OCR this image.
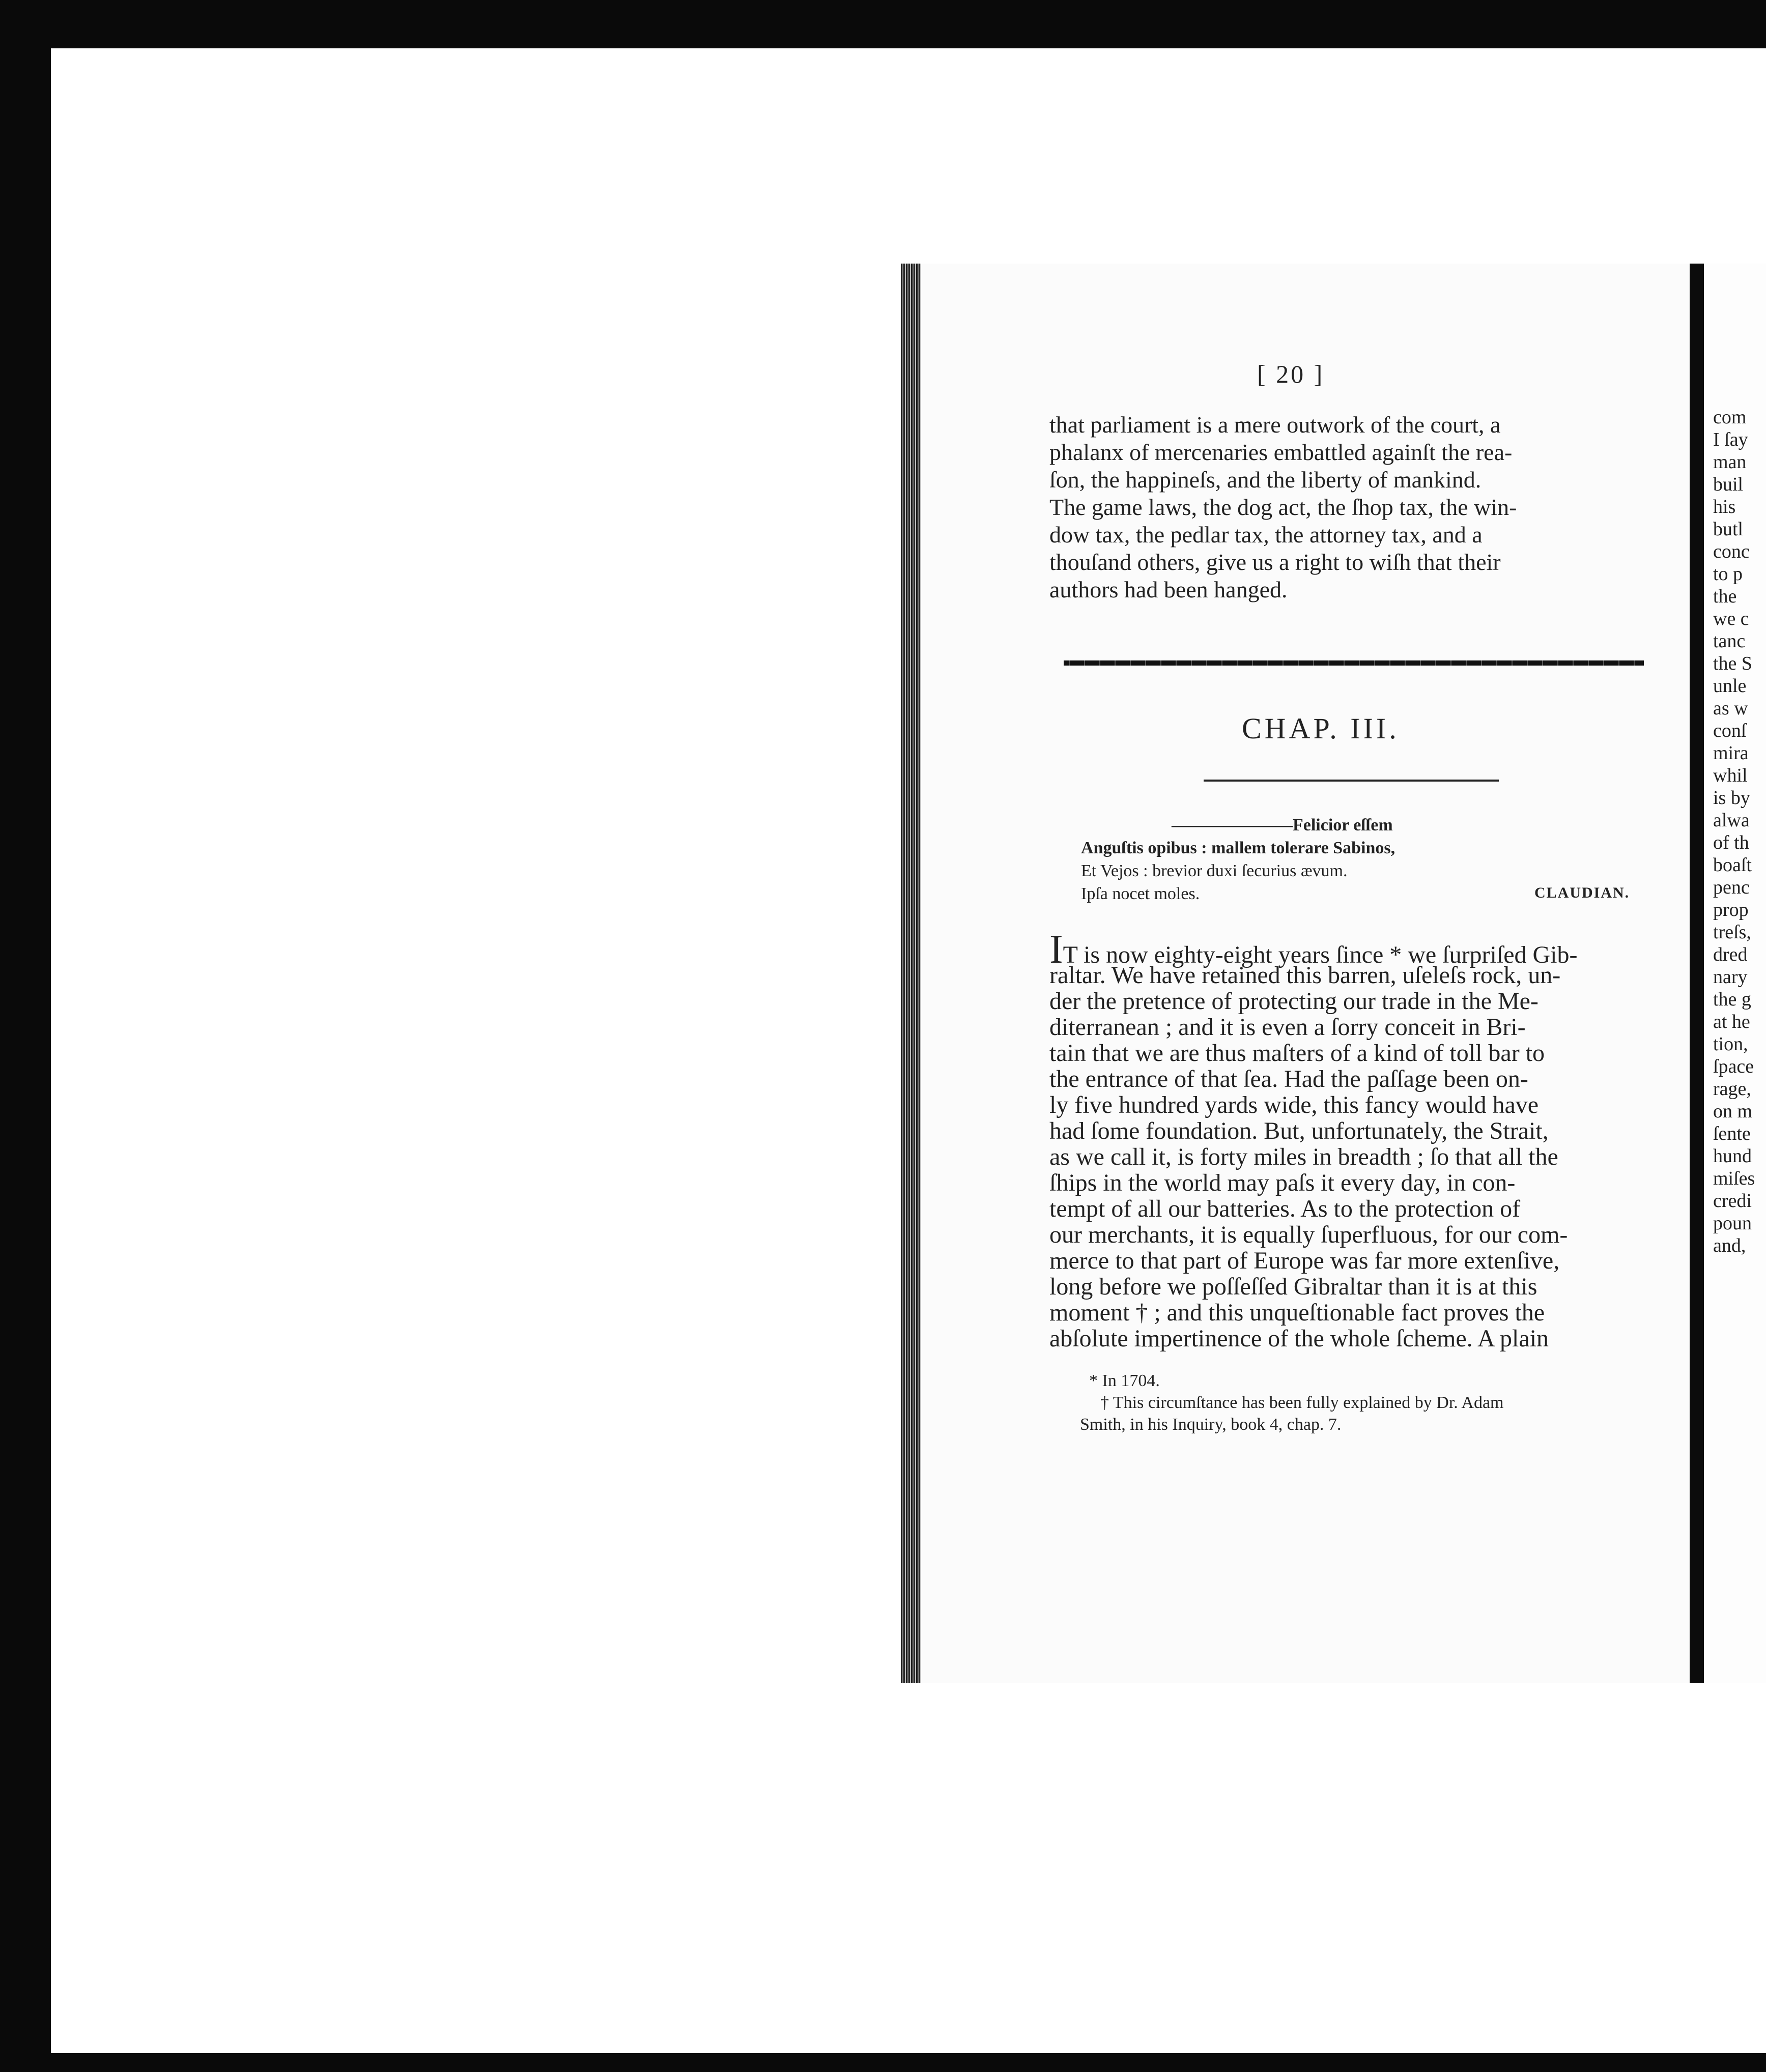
[ 20 ]
that parliament is a mere outwork of the court, a
phalanx of mercenaries embattled againſt the rea-
ſon, the happineſs, and the liberty of mankind.
The game laws, the dog act, the ſhop tax, the win-
dow tax, the pedlar tax, the attorney tax, and a
thouſand others, give us a right to wiſh that their
authors had been hanged.
CHAP. III.
———————Felicior eſſem
Anguſtis opibus : mallem tolerare Sabinos,
Et Vejos : brevior duxi ſecurius ævum.
Ipſa nocet moles.	CLAUDIAN.
IT is now eighty-eight years ſince * we ſurpriſed Gib-
raltar. We have retained this barren, uſeleſs rock, un-
der the pretence of protecting our trade in the Me-
diterranean ; and it is even a ſorry conceit in Bri-
tain that we are thus maſters of a kind of toll bar to
the entrance of that ſea. Had the paſſage been on-
ly five hundred yards wide, this fancy would have
had ſome foundation. But, unfortunately, the Strait,
as we call it, is forty miles in breadth ; ſo that all the
ſhips in the world may paſs it every day, in con-
tempt of all our batteries. As to the protection of
our merchants, it is equally ſuperfluous, for our com-
merce to that part of Europe was far more extenſive,
long before we poſſeſſed Gibraltar than it is at this
moment † ; and this unqueſtionable fact proves the
abſolute impertinence of the whole ſcheme. A plain
* In 1704.
† This circumſtance has been fully explained by Dr. Adam
Smith, in his Inquiry, book 4, chap. 7.
com
I ſay
man
buil
his
butl
conc
to p
the
we c
tanc
the S
unle
as w
conſ
mira
whil
is by
alwa
of th
boaſt
penc
prop
treſs,
dred
nary
the g
at he
tion,
ſpace
rage,
on m
ſente
hund
miſes
credi
poun
and,
